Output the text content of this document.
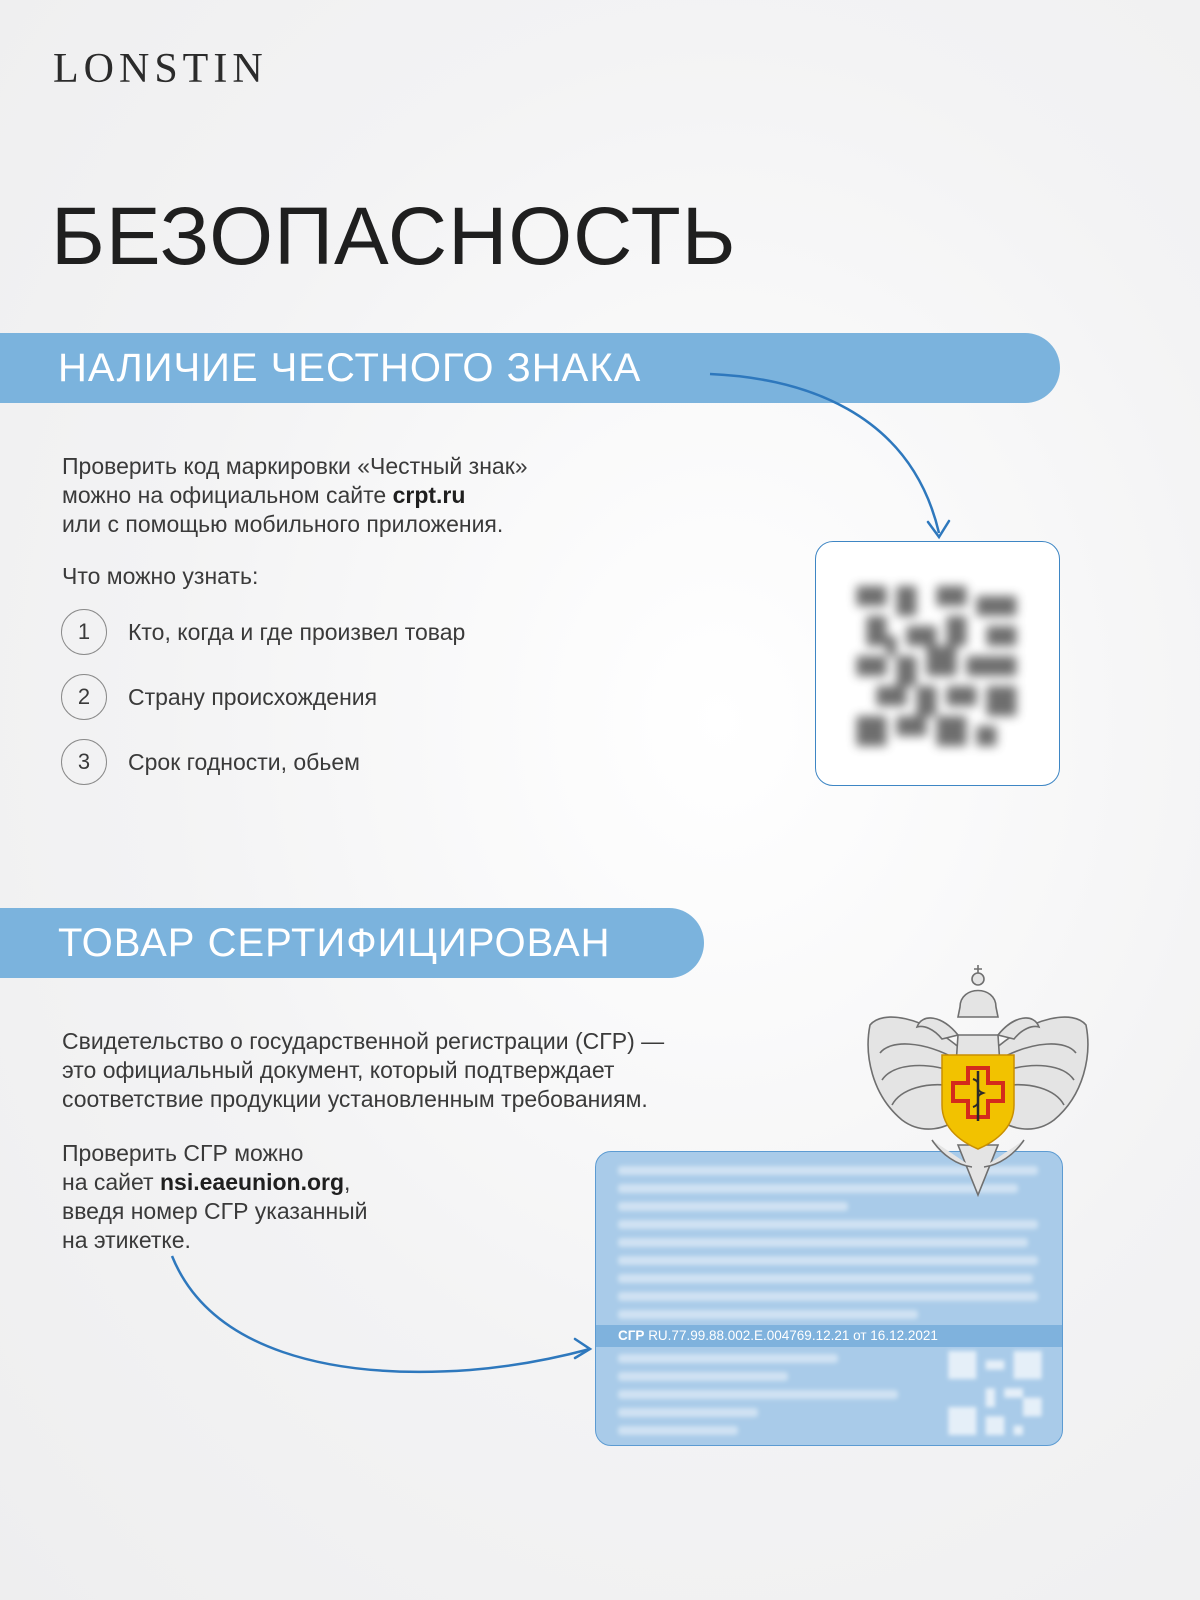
LONSTIN
БЕЗОПАСНОСТЬ
НАЛИЧИЕ ЧЕСТНОГО ЗНАКА
Проверить код маркировки «Честный знак»
можно на официальном сайте crpt.ru
или с помощью мобильного приложения.
Что можно узнать:
1	Кто, когда и где произвел товар
2	Страну происхождения
3	Срок годности, обьем
ТОВАР СЕРТИФИЦИРОВАН
Свидетельство о государственной регистрации (СГР) —
это официальный документ, который подтверждает
соответствие продукции установленным требованиям.
Проверить СГР можно
на сайет nsi.eaeunion.org,
введя номер СГР указанный
на этикетке.
СГР RU.77.99.88.002.Е.004769.12.21 от 16.12.2021
